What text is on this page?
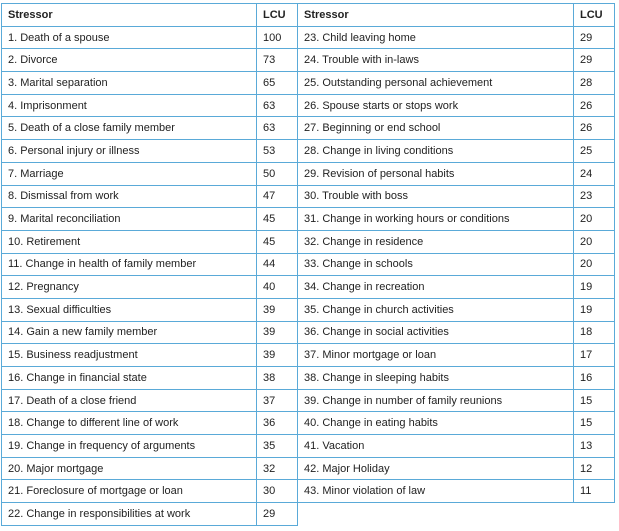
Stressor	LCU	Stressor	LCU
1. Death of a spouse	100	23. Child leaving home	29
2. Divorce	73	24. Trouble with in-laws	29
3. Marital separation	65	25. Outstanding personal achievement	28
4. Imprisonment	63	26. Spouse starts or stops work	26
5. Death of a close family member	63	27. Beginning or end school	26
6. Personal injury or illness	53	28. Change in living conditions	25
7. Marriage	50	29. Revision of personal habits	24
8. Dismissal from work	47	30. Trouble with boss	23
9. Marital reconciliation	45	31. Change in working hours or conditions	20
10. Retirement	45	32. Change in residence	20
11. Change in health of family member	44	33. Change in schools	20
12. Pregnancy	40	34. Change in recreation	19
13. Sexual difficulties	39	35. Change in church activities	19
14. Gain a new family member	39	36. Change in social activities	18
15. Business readjustment	39	37. Minor mortgage or loan	17
16. Change in financial state	38	38. Change in sleeping habits	16
17. Death of a close friend	37	39. Change in number of family reunions	15
18. Change to different line of work	36	40. Change in eating habits	15
19. Change in frequency of arguments	35	41. Vacation	13
20. Major mortgage	32	42. Major Holiday	12
21. Foreclosure of mortgage or loan	30	43. Minor violation of law	11
22. Change in responsibilities at work	29		
